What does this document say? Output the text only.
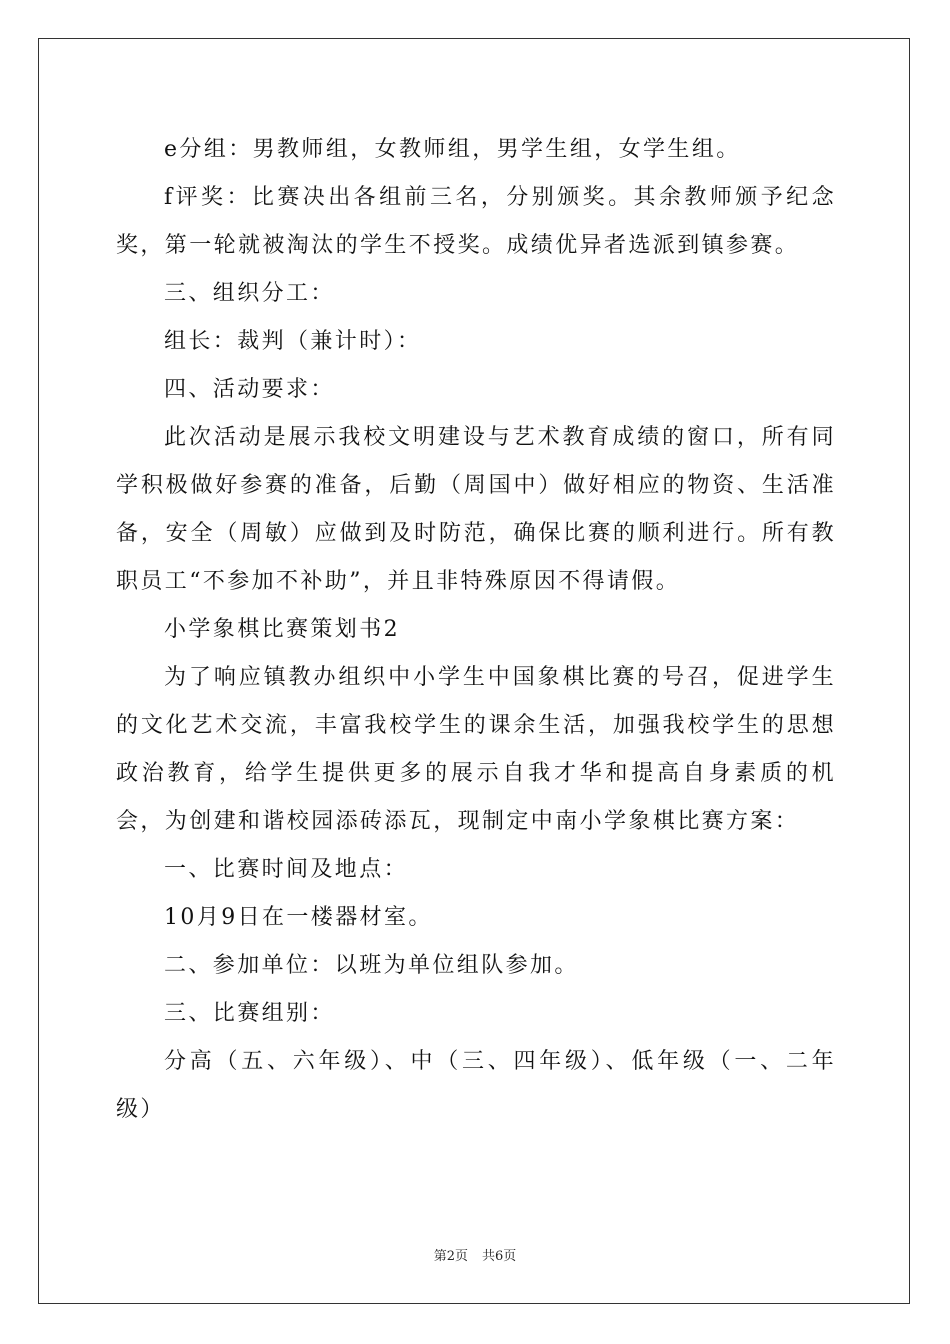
e分组：男教师组，女教师组，男学生组，女学生组。

f评奖：比赛决出各组前三名，分别颁奖。其余教师颁予纪念奖，第一轮就被淘汰的学生不授奖。成绩优异者选派到镇参赛。

三、组织分工：

组长：裁判（兼计时）：

四、活动要求：

此次活动是展示我校文明建设与艺术教育成绩的窗口，所有同学积极做好参赛的准备，后勤（周国中）做好相应的物资、生活准备，安全（周敏）应做到及时防范，确保比赛的顺利进行。所有教职员工“不参加不补助”，并且非特殊原因不得请假。

小学象棋比赛策划书2

为了响应镇教办组织中小学生中国象棋比赛的号召，促进学生的文化艺术交流，丰富我校学生的课余生活，加强我校学生的思想政治教育，给学生提供更多的展示自我才华和提高自身素质的机会，为创建和谐校园添砖添瓦，现制定中南小学象棋比赛方案：

一、比赛时间及地点：

10月9日在一楼器材室。

二、参加单位：以班为单位组队参加。

三、比赛组别：

分高（五、六年级）、中（三、四年级）、低年级（一、二年级）

第2页 共6页
